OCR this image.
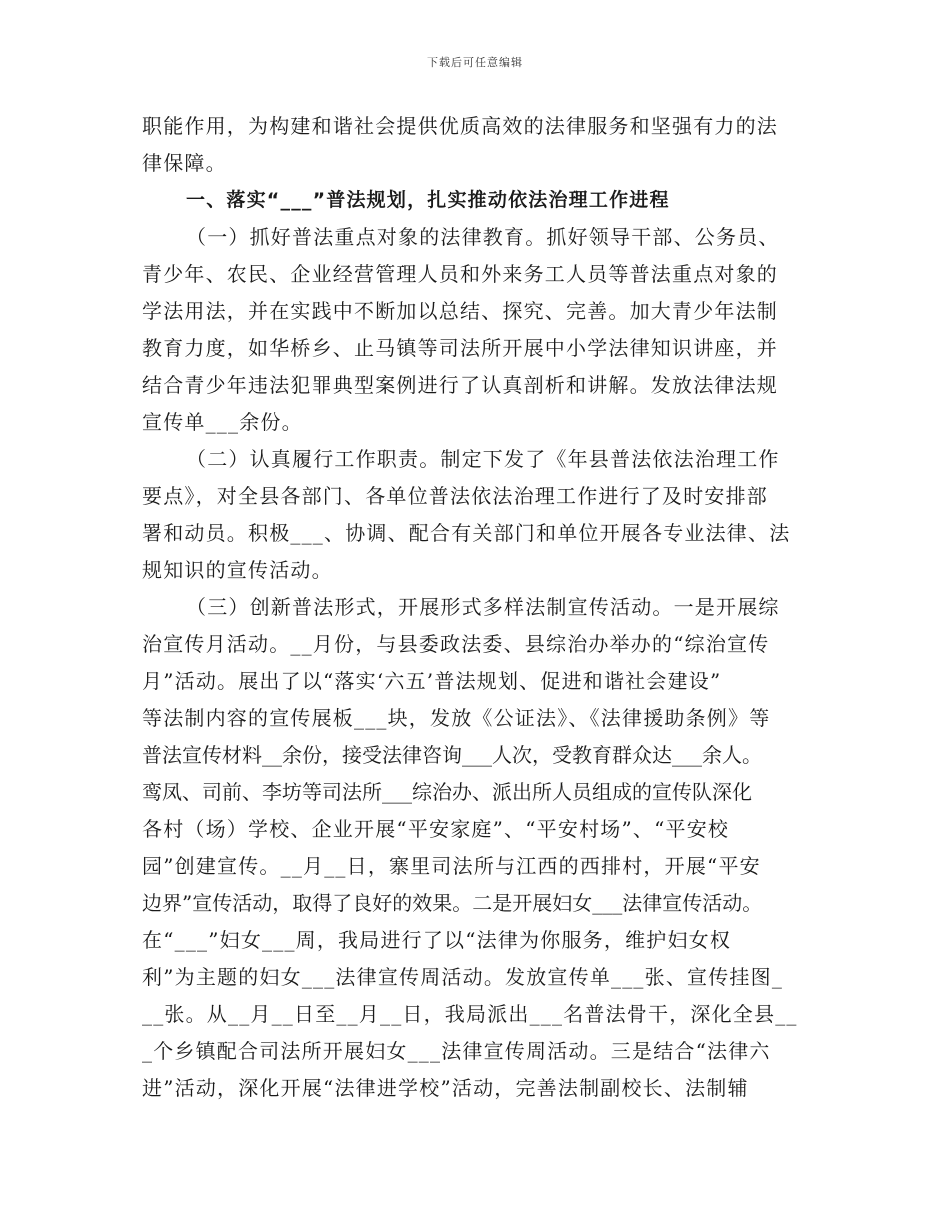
下载后可任意编辑
职能作用，为构建和谐社会提供优质高效的法律服务和坚强有力的法
律保障。
一、落实“___”普法规划，扎实推动依法治理工作进程
（一）抓好普法重点对象的法律教育。抓好领导干部、公务员、
青少年、农民、企业经营管理人员和外来务工人员等普法重点对象的
学法用法，并在实践中不断加以总结、探究、完善。加大青少年法制
教育力度，如华桥乡、止马镇等司法所开展中小学法律知识讲座，并
结合青少年违法犯罪典型案例进行了认真剖析和讲解。发放法律法规
宣传单___余份。
（二）认真履行工作职责。制定下发了《年县普法依法治理工作
要点》，对全县各部门、各单位普法依法治理工作进行了及时安排部
署和动员。积极___、协调、配合有关部门和单位开展各专业法律、法
规知识的宣传活动。
（三）创新普法形式，开展形式多样法制宣传活动。一是开展综
治宣传月活动。__月份，与县委政法委、县综治办举办的“综治宣传
月”活动。展出了以“落实‘六五’普法规划、促进和谐社会建设”
等法制内容的宣传展板___块，发放《公证法》、《法律援助条例》等
普法宣传材料__余份，接受法律咨询___人次，受教育群众达___余人。
鸾凤、司前、李坊等司法所___综治办、派出所人员组成的宣传队深化
各村（场）学校、企业开展“平安家庭”、“平安村场”、“平安校
园”创建宣传。__月__日，寨里司法所与江西的西排村，开展“平安
边界”宣传活动，取得了良好的效果。二是开展妇女___法律宣传活动。
在“___”妇女___周，我局进行了以“法律为你服务，维护妇女权
利”为主题的妇女___法律宣传周活动。发放宣传单___张、宣传挂图_
__张。从__月__日至__月__日，我局派出___名普法骨干，深化全县__
_个乡镇配合司法所开展妇女___法律宣传周活动。三是结合“法律六
进”活动，深化开展“法律进学校”活动，完善法制副校长、法制辅
